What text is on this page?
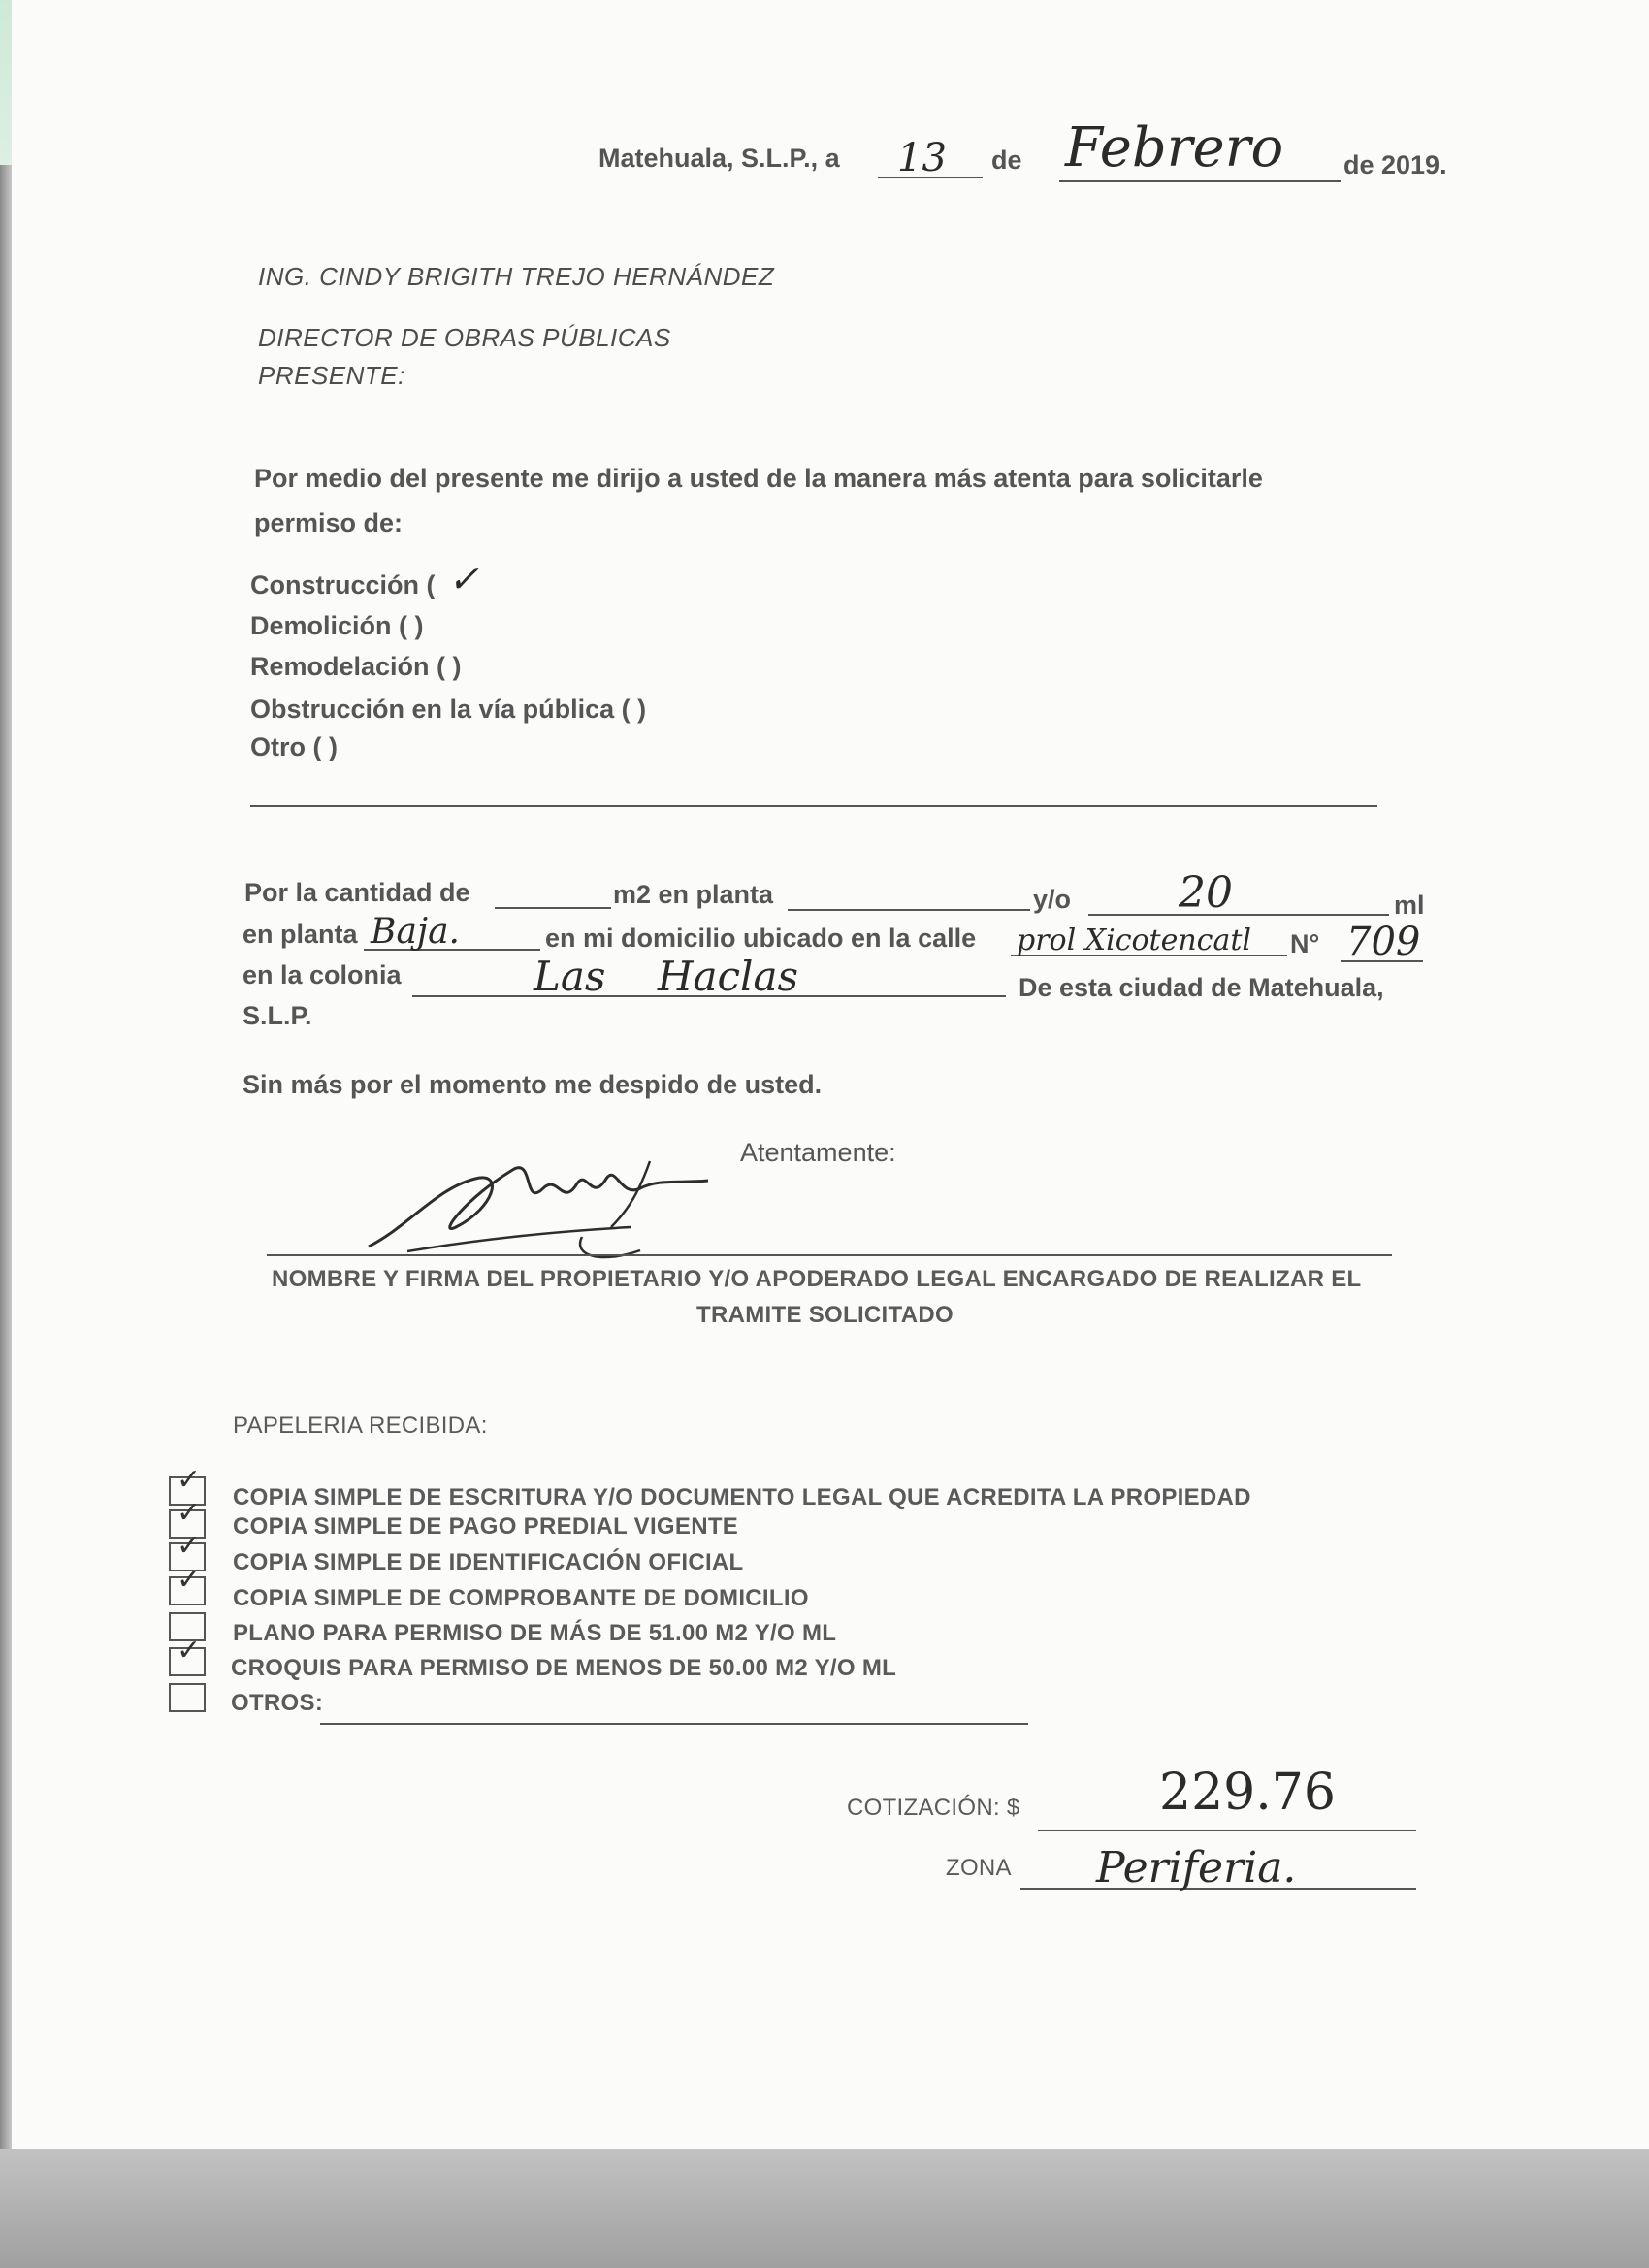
Matehuala, S.L.P., a 13 de Febrero de 2019.
ING. CINDY BRIGITH TREJO HERNÁNDEZ
DIRECTOR DE OBRAS PÚBLICAS
PRESENTE:
Por medio del presente me dirijo a usted de la manera más atenta para solicitarle
permiso de:
Construcción ( ✓
Demolición ( )
Remodelación ( )
Obstrucción en la vía pública ( )
Otro ( )
Por la cantidad de	m2 en planta	y/o	20	ml
en planta Baja.	en mi domicilio ubicado en la calle prol Xicotencatl N° 709
en la colonia	Las Haclas	De esta ciudad de Matehuala,
S.L.P.
Sin más por el momento me despido de usted.
Atentamente:
NOMBRE Y FIRMA DEL PROPIETARIO Y/O APODERADO LEGAL ENCARGADO DE REALIZAR EL
TRAMITE SOLICITADO
PAPELERIA RECIBIDA:
✓
COPIA SIMPLE DE ESCRITURA Y/O DOCUMENTO LEGAL QUE ACREDITA LA PROPIEDAD
✓ COPIA SIMPLE DE PAGO PREDIAL VIGENTE
✓ COPIA SIMPLE DE IDENTIFICACIÓN OFICIAL
✓
COPIA SIMPLE DE COMPROBANTE DE DOMICILIO
PLANO PARA PERMISO DE MÁS DE 51.00 M2 Y/O ML
✓
CROQUIS PARA PERMISO DE MENOS DE 50.00 M2 Y/O ML
OTROS:
COTIZACIÓN: $	229.76
ZONA Periferia.
